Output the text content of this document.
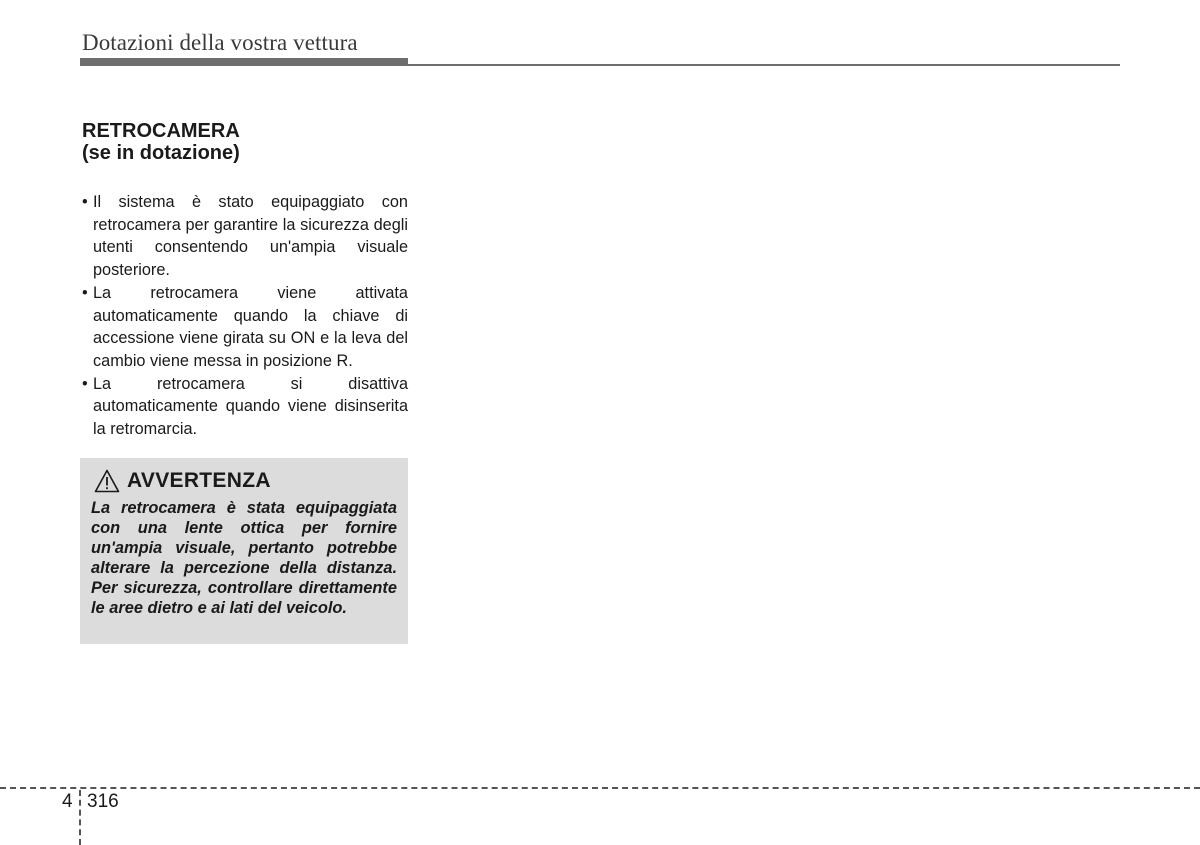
Dotazioni della vostra vettura
RETROCAMERA
(se in dotazione)
• Il sistema è stato equipaggiato con retrocamera per garantire la sicurezza degli utenti consentendo un'ampia visuale posteriore.
• La retrocamera viene attivata automaticamente quando la chiave di accessione viene girata su ON e la leva del cambio viene messa in posizione R.
• La retrocamera si disattiva automaticamente quando viene disinserita la retromarcia.
AVVERTENZA

La retrocamera è stata equipaggiata con una lente ottica per fornire un'ampia visuale, pertanto potrebbe alterare la percezione della distanza. Per sicurezza, controllare direttamente le aree dietro e ai lati del veicolo.

4 316
